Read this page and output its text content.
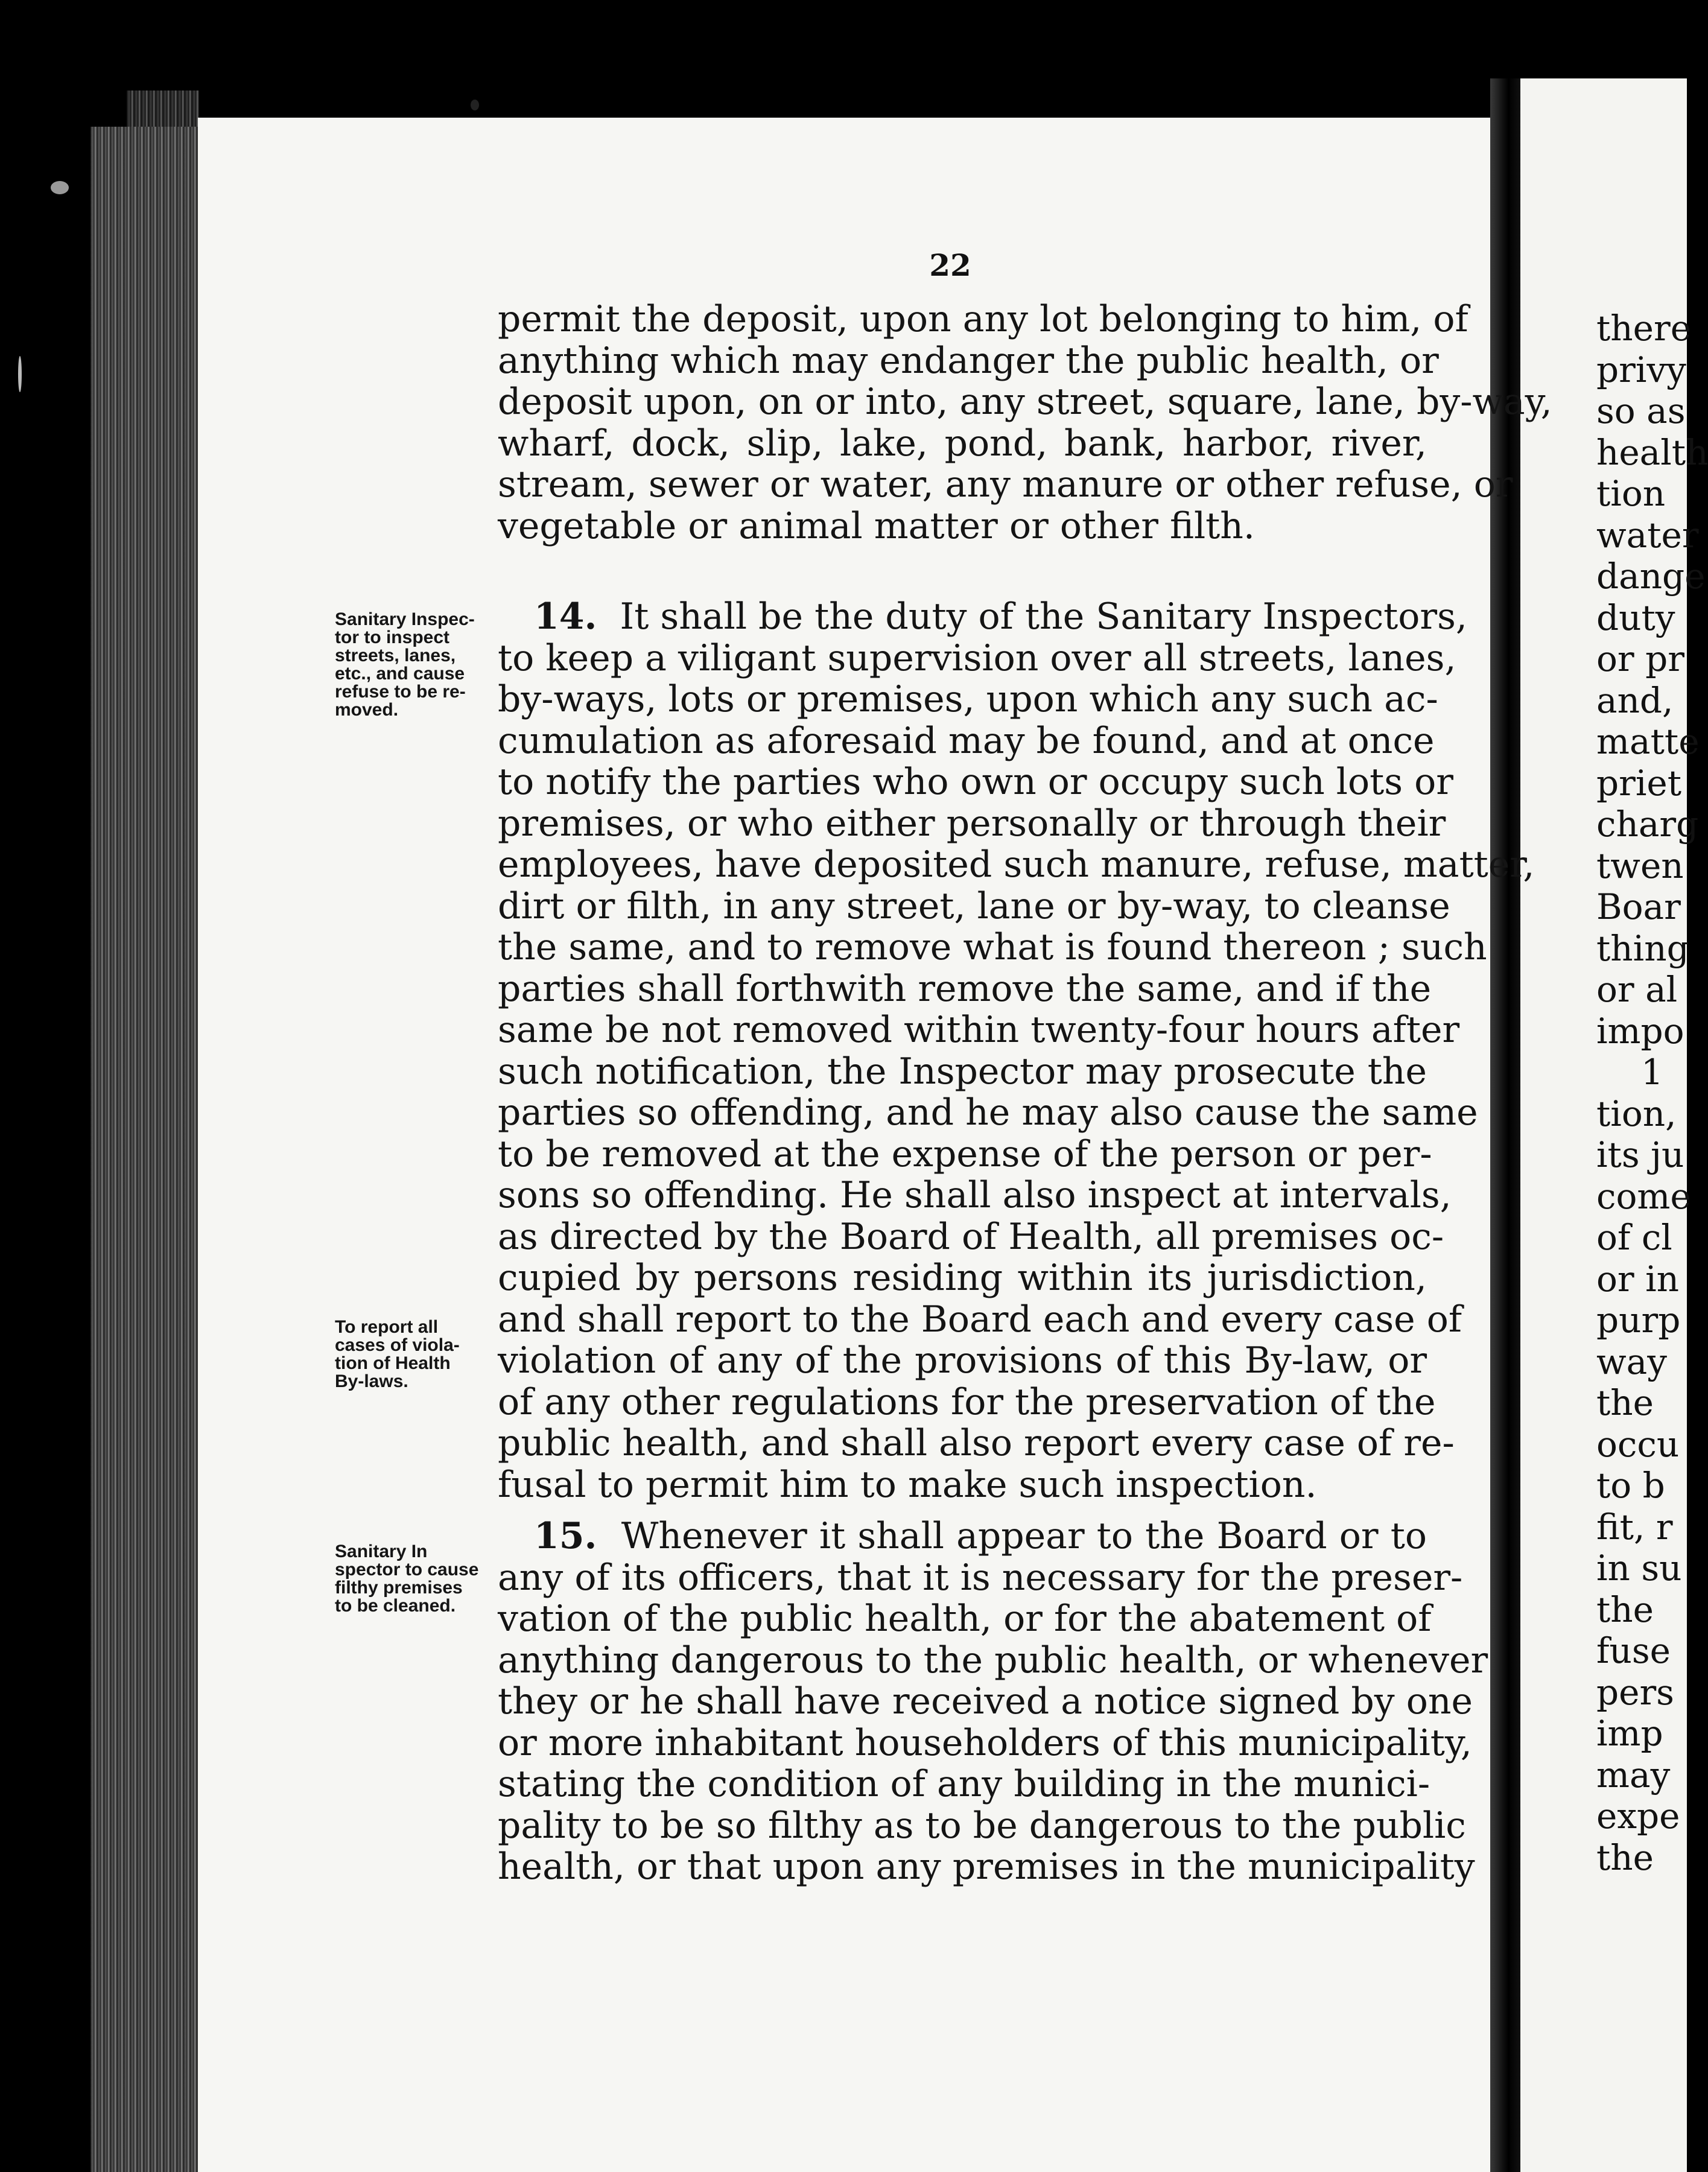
there
privy
so as
health
tion
water
dange
duty
or pr
and,
matte
priet
charg
twen
Boar
thing
or al
impo
1
tion,
its ju
come
of cl
or in
purp
way
the
occu
to b
fit, r
in su
the
fuse
pers
imp
may
expe
the
22
permit the deposit, upon any lot belonging to him, of
anything which may endanger the public health, or
deposit upon, on or into, any street, square, lane, by-way,
wharf, dock, slip, lake, pond, bank, harbor, river,
stream, sewer or water, any manure or other refuse, or
vegetable or animal matter or other filth.
14. It shall be the duty of the Sanitary Inspectors,
to keep a viligant supervision over all streets, lanes,
by-ways, lots or premises, upon which any such ac-
cumulation as aforesaid may be found, and at once
to notify the parties who own or occupy such lots or
premises, or who either personally or through their
employees, have deposited such manure, refuse, matter,
dirt or filth, in any street, lane or by-way, to cleanse
the same, and to remove what is found thereon ; such
parties shall forthwith remove the same, and if the
same be not removed within twenty-four hours after
such notification, the Inspector may prosecute the
parties so offending, and he may also cause the same
to be removed at the expense of the person or per-
sons so offending. He shall also inspect at intervals,
as directed by the Board of Health, all premises oc-
cupied by persons residing within its jurisdiction,
and shall report to the Board each and every case of
violation of any of the provisions of this By-law, or
of any other regulations for the preservation of the
public health, and shall also report every case of re-
fusal to permit him to make such inspection.
15. Whenever it shall appear to the Board or to
any of its officers, that it is necessary for the preser-
vation of the public health, or for the abatement of
anything dangerous to the public health, or whenever
they or he shall have received a notice signed by one
or more inhabitant householders of this municipality,
stating the condition of any building in the munici-
pality to be so filthy as to be dangerous to the public
health, or that upon any premises in the municipality
Sanitary Inspec-
tor to inspect
streets, lanes,
etc., and cause
refuse to be re-
moved.
To report all
cases of viola-
tion of Health
By-laws.
Sanitary In
spector to cause
filthy premises
to be cleaned.
